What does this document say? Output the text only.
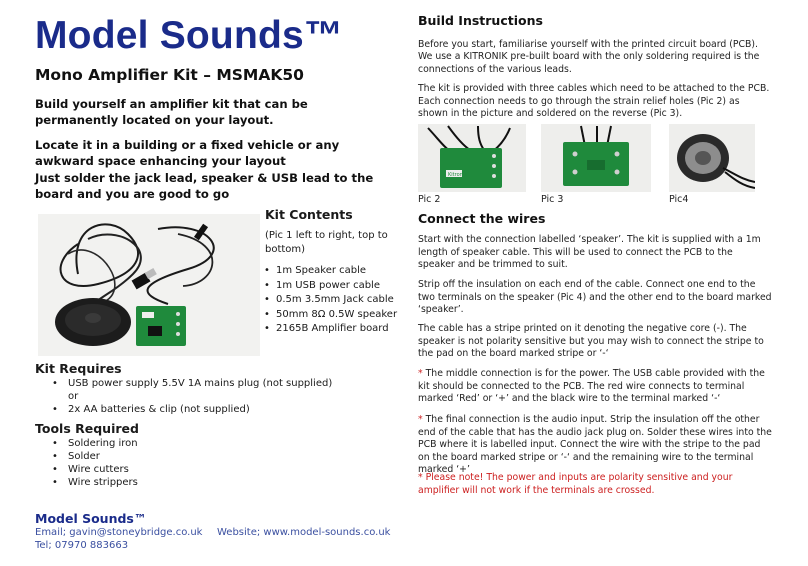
Model Sounds™
Mono Amplifier Kit – MSMAK50
Build yourself an amplifier kit that can be permanently located on your layout.
Locate it in a building or a fixed vehicle or any awkward space enhancing your layout
Just solder the jack lead, speaker & USB lead to the board and you are good to go
Kit Contents
(Pic 1 left to right, top to bottom)
• 1m Speaker cable
• 1m USB power cable
• 0.5m 3.5mm Jack cable
• 50mm 8Ω 0.5W speaker
• 2165B Amplifier board
Kit Requires
• USB power supply 5.5V 1A mains plug (not supplied)
or
• 2x AA batteries & clip (not supplied)
Tools Required
• Soldering iron
• Solder
• Wire cutters
• Wire strippers
Model Sounds™
Email; gavin@stoneybridge.co.uk Website; www.model-sounds.co.uk
Tel; 07970 883663
Build Instructions
Before you start, familiarise yourself with the printed circuit board (PCB).
We use a KITRONIK pre-built board with the only soldering required is the connections of the various leads.
The kit is provided with three cables which need to be attached to the PCB. Each connection needs to go through the strain relief holes (Pic 2) as shown in the picture and soldered on the reverse (Pic 3).
Kitronik
Pic 2	Pic 3	Pic4
Connect the wires
Start with the connection labelled ‘speaker’. The kit is supplied with a 1m length of speaker cable. This will be used to connect the PCB to the speaker and be trimmed to suit.
Strip off the insulation on each end of the cable. Connect one end to the two terminals on the speaker (Pic 4) and the other end to the board marked ‘speaker’.
The cable has a stripe printed on it denoting the negative core (-). The speaker is not polarity sensitive but you may wish to connect the stripe to the pad on the board marked stripe or ‘-‘
* The middle connection is for the power. The USB cable provided with the kit should be connected to the PCB. The red wire connects to terminal marked ‘Red’ or ‘+’ and the black wire to the terminal marked ‘-‘
* The final connection is the audio input. Strip the insulation off the other end of the cable that has the audio jack plug on. Solder these wires into the PCB where it is labelled input. Connect the wire with the stripe to the pad on the board marked stripe or ‘-‘ and the remaining wire to the terminal marked ‘+’
* Please note! The power and inputs are polarity sensitive and your amplifier will not work if the terminals are crossed.
